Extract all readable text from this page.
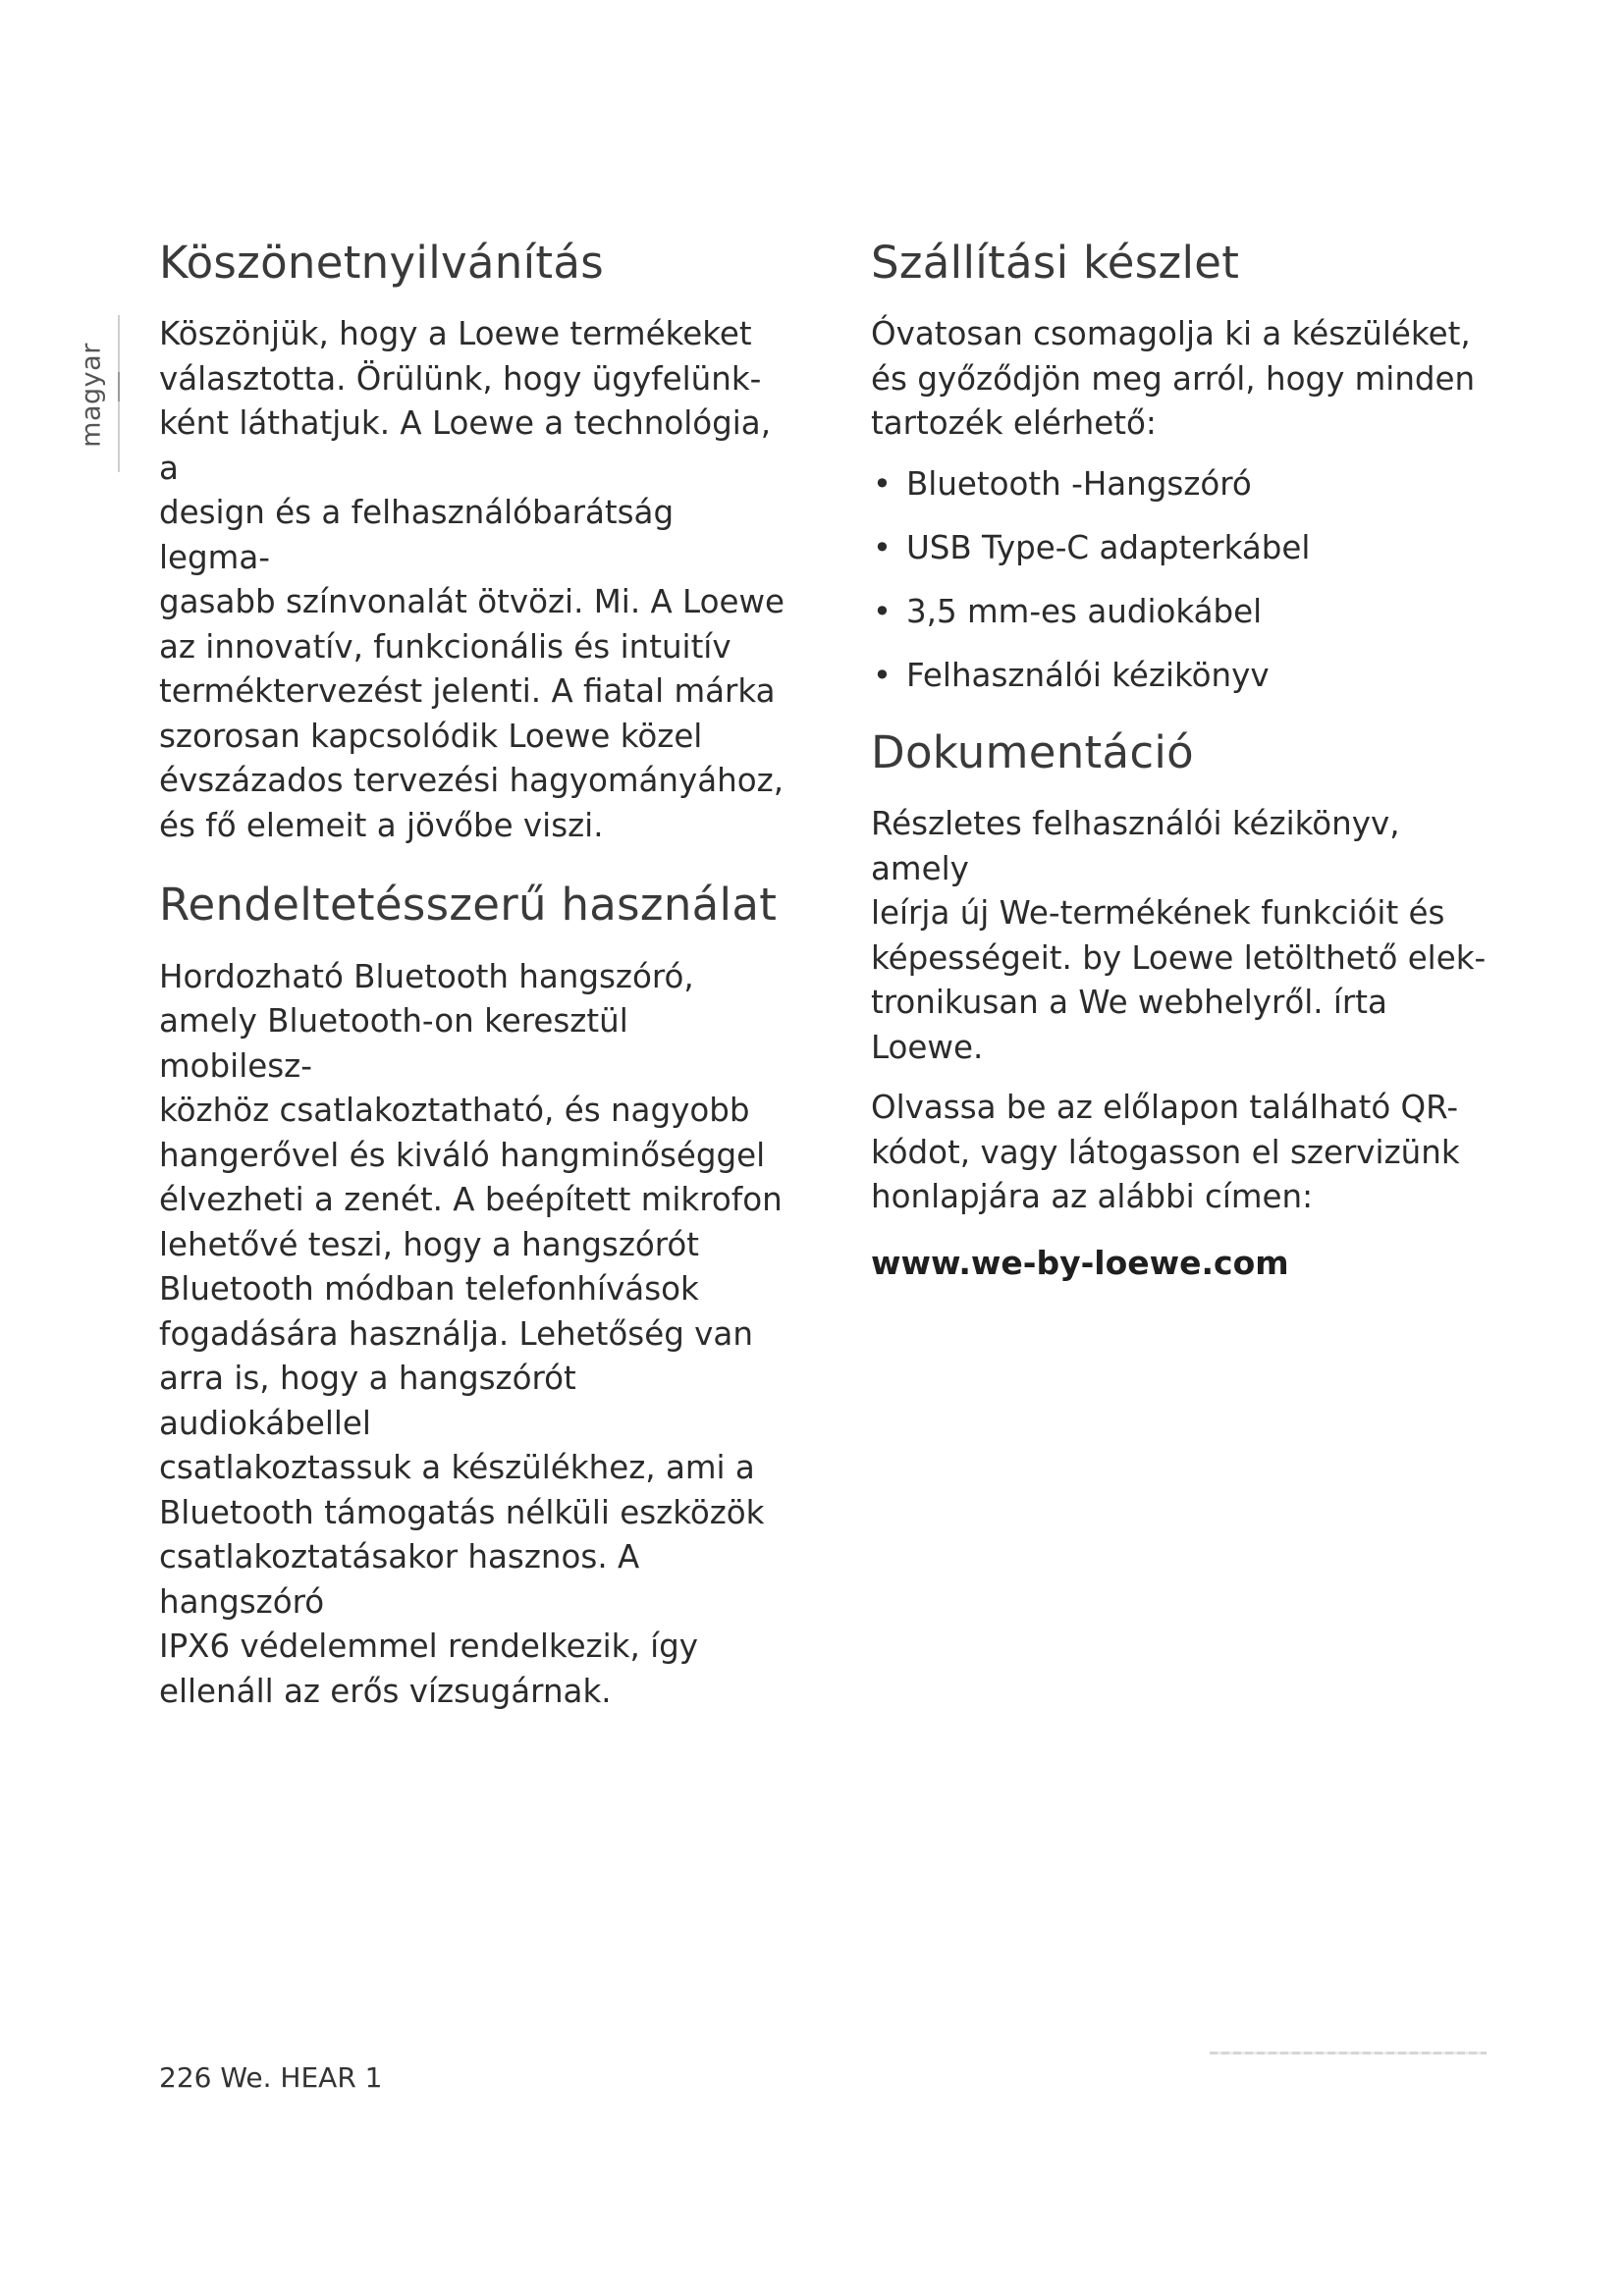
magyar
Köszönetnyilvánítás

Köszönjük, hogy a Loewe termékeket
választotta. Örülünk, hogy ügyfelünk-
ként láthatjuk. A Loewe a technológia, a
design és a felhasználóbarátság legma-
gasabb színvonalát ötvözi. Mi. A Loewe
az innovatív, funkcionális és intuitív
terméktervezést jelenti. A fiatal márka
szorosan kapcsolódik Loewe közel
évszázados tervezési hagyományához,
és fő elemeit a jövőbe viszi.

Rendeltetésszerű használat

Hordozható Bluetooth hangszóró,
amely Bluetooth-on keresztül mobilesz-
közhöz csatlakoztatható, és nagyobb
hangerővel és kiváló hangminőséggel
élvezheti a zenét. A beépített mikrofon
lehetővé teszi, hogy a hangszórót
Bluetooth módban telefonhívások
fogadására használja. Lehetőség van
arra is, hogy a hangszórót audiokábellel
csatlakoztassuk a készülékhez, ami a
Bluetooth támogatás nélküli eszközök
csatlakoztatásakor hasznos. A hangszóró
IPX6 védelemmel rendelkezik, így
ellenáll az erős vízsugárnak.

Szállítási készlet

Óvatosan csomagolja ki a készüléket,
és győződjön meg arról, hogy minden
tartozék elérhető:

• Bluetooth -Hangszóró
• USB Type-C adapterkábel
• 3,5 mm-es audiokábel
• Felhasználói kézikönyv
Dokumentáció

Részletes felhasználói kézikönyv, amely
leírja új We-termékének funkcióit és
képességeit. by Loewe letölthető elek-
tronikusan a We webhelyről. írta Loewe.

Olvassa be az előlapon található QR-
kódot, vagy látogasson el szervizünk
honlapjára az alábbi címen:

www.we-by-loewe.com
226 We. HEAR 1
